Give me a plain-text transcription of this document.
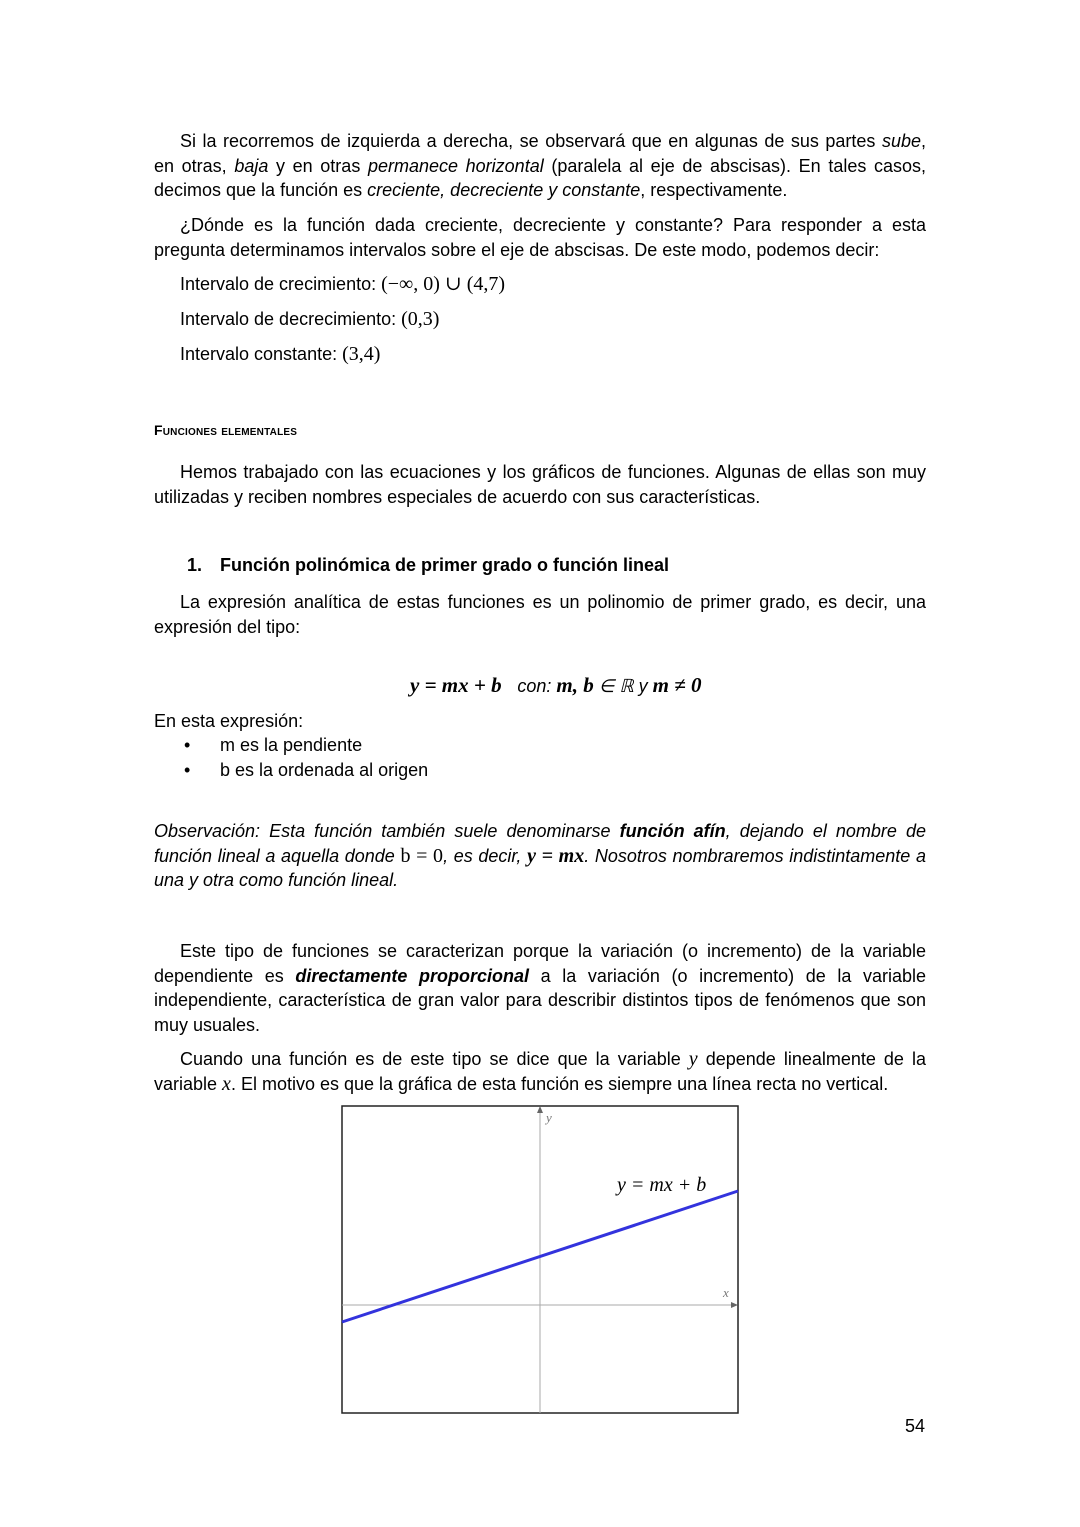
Si la recorremos de izquierda a derecha, se observará que en algunas de sus partes sube, en otras, baja y en otras permanece horizontal (paralela al eje de abscisas). En tales casos, decimos que la función es creciente, decreciente y constante, respectivamente.

¿Dónde es la función dada creciente, decreciente y constante? Para responder a esta pregunta determinamos intervalos sobre el eje de abscisas. De este modo, podemos decir:

Intervalo de crecimiento: (−∞, 0) ∪ (4,7)
Intervalo de decrecimiento: (0,3)
Intervalo constante: (3,4)
Funciones elementales

Hemos trabajado con las ecuaciones y los gráficos de funciones. Algunas de ellas son muy utilizadas y reciben nombres especiales de acuerdo con sus características.

1. Función polinómica de primer grado o función lineal

La expresión analítica de estas funciones es un polinomio de primer grado, es decir, una expresión del tipo:

y = mx + b con: m, b ∈ ℝ y m ≠ 0
En esta expresión:
• m es la pendiente
• b es la ordenada al origen

Observación: Esta función también suele denominarse función afín, dejando el nombre de función lineal a aquella donde b = 0, es decir, y = mx. Nosotros nombraremos indistintamente a una y otra como función lineal.

Este tipo de funciones se caracterizan porque la variación (o incremento) de la variable dependiente es directamente proporcional a la variación (o incremento) de la variable independiente, característica de gran valor para describir distintos tipos de fenómenos que son muy usuales.

Cuando una función es de este tipo se dice que la variable y depende linealmente de la variable x. El motivo es que la gráfica de esta función es siempre una línea recta no vertical.

y
x
y = mx + b
54
